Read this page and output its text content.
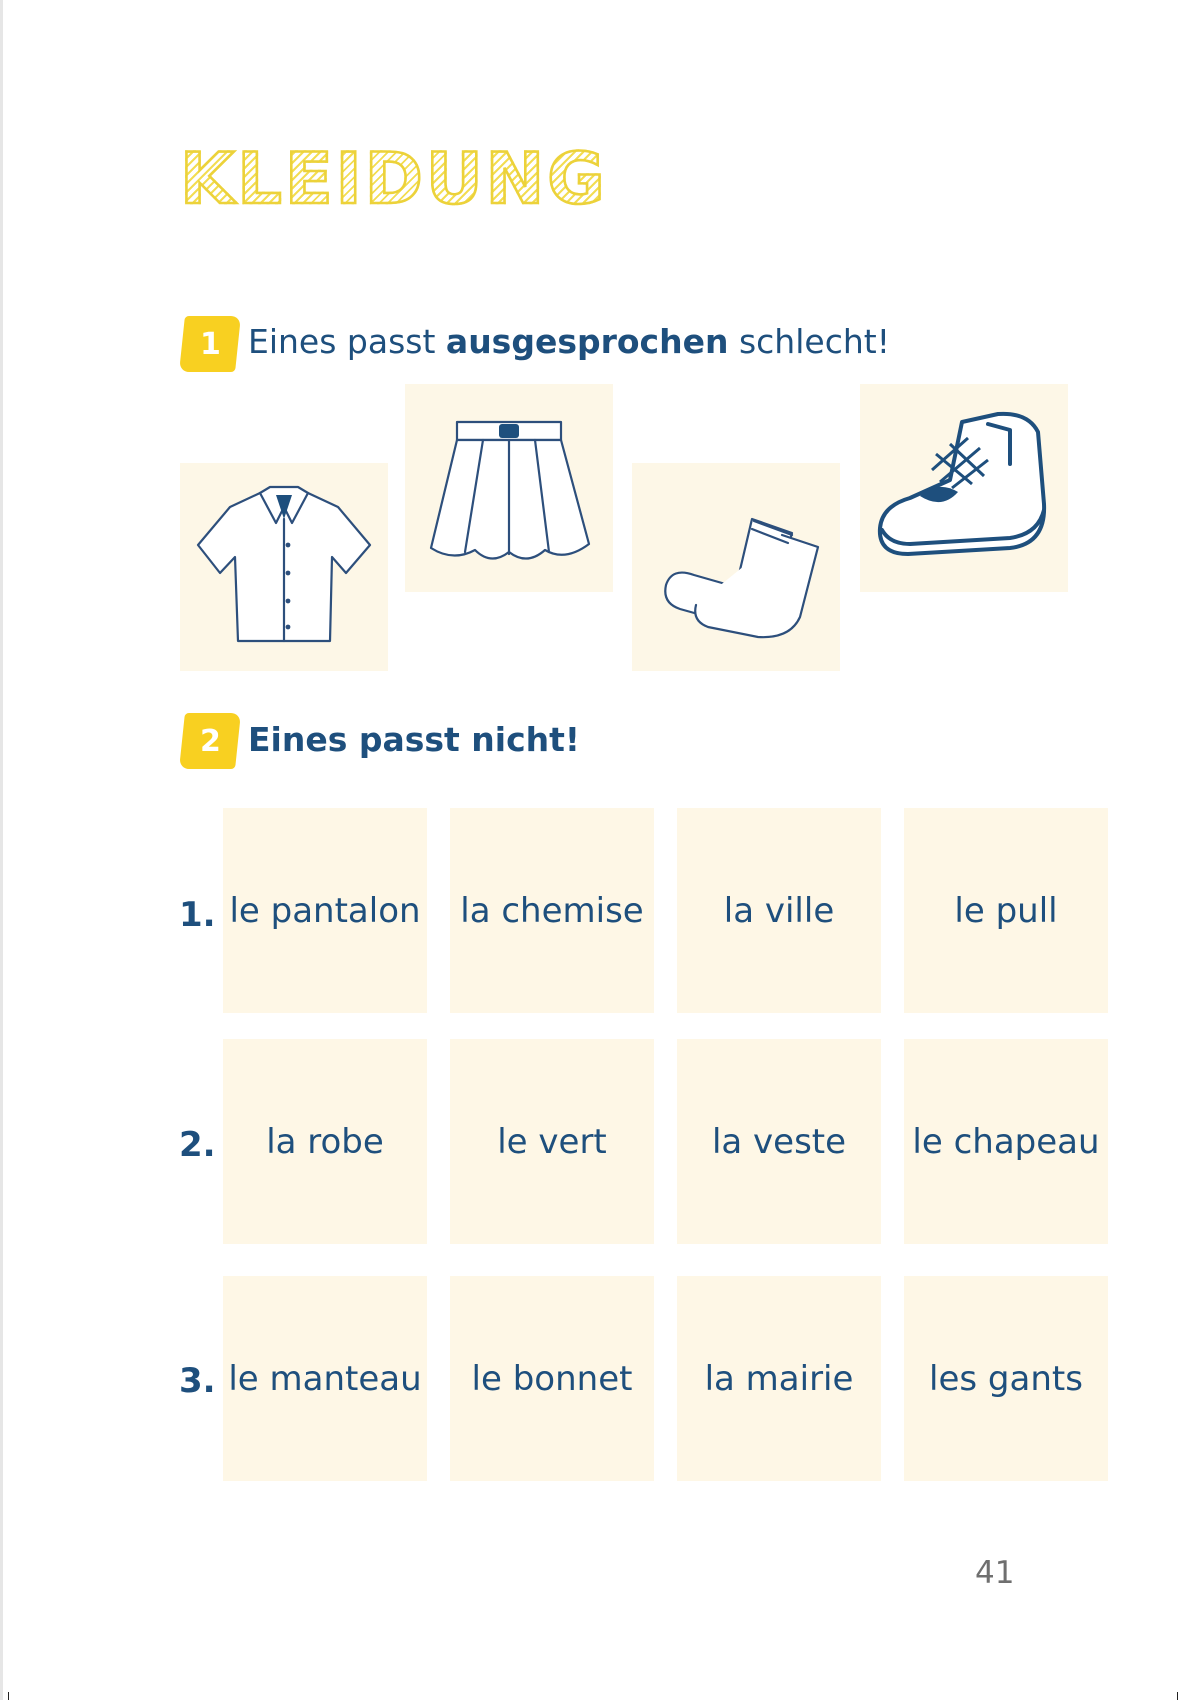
KLEIDUNG
1 Eines passt ausgesprochen schlecht!
2 Eines passt nicht!
1. le pantalon	la chemise	la ville	le pull
2.	la robe	le vert	la veste	le chapeau
3. le manteau	le bonnet	la mairie	les gants
41
